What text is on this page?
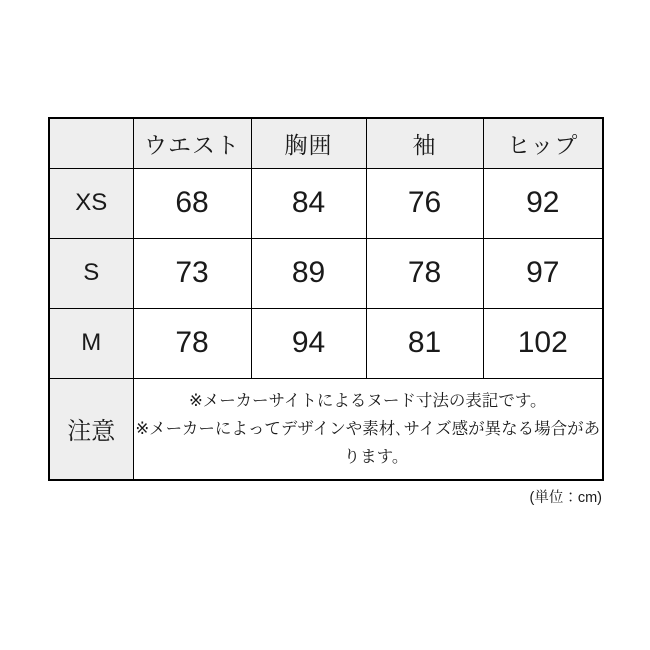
	ウエスト	胸囲	袖	ヒップ
XS	68	84	76	92
S	73	89	78	97
M	78	94	81	102
注意	※メーカーサイトによるヌード寸法の表記です。
※メーカーによってデザインや素材､サイズ感が異なる場合があります。			
(単位：cm)
